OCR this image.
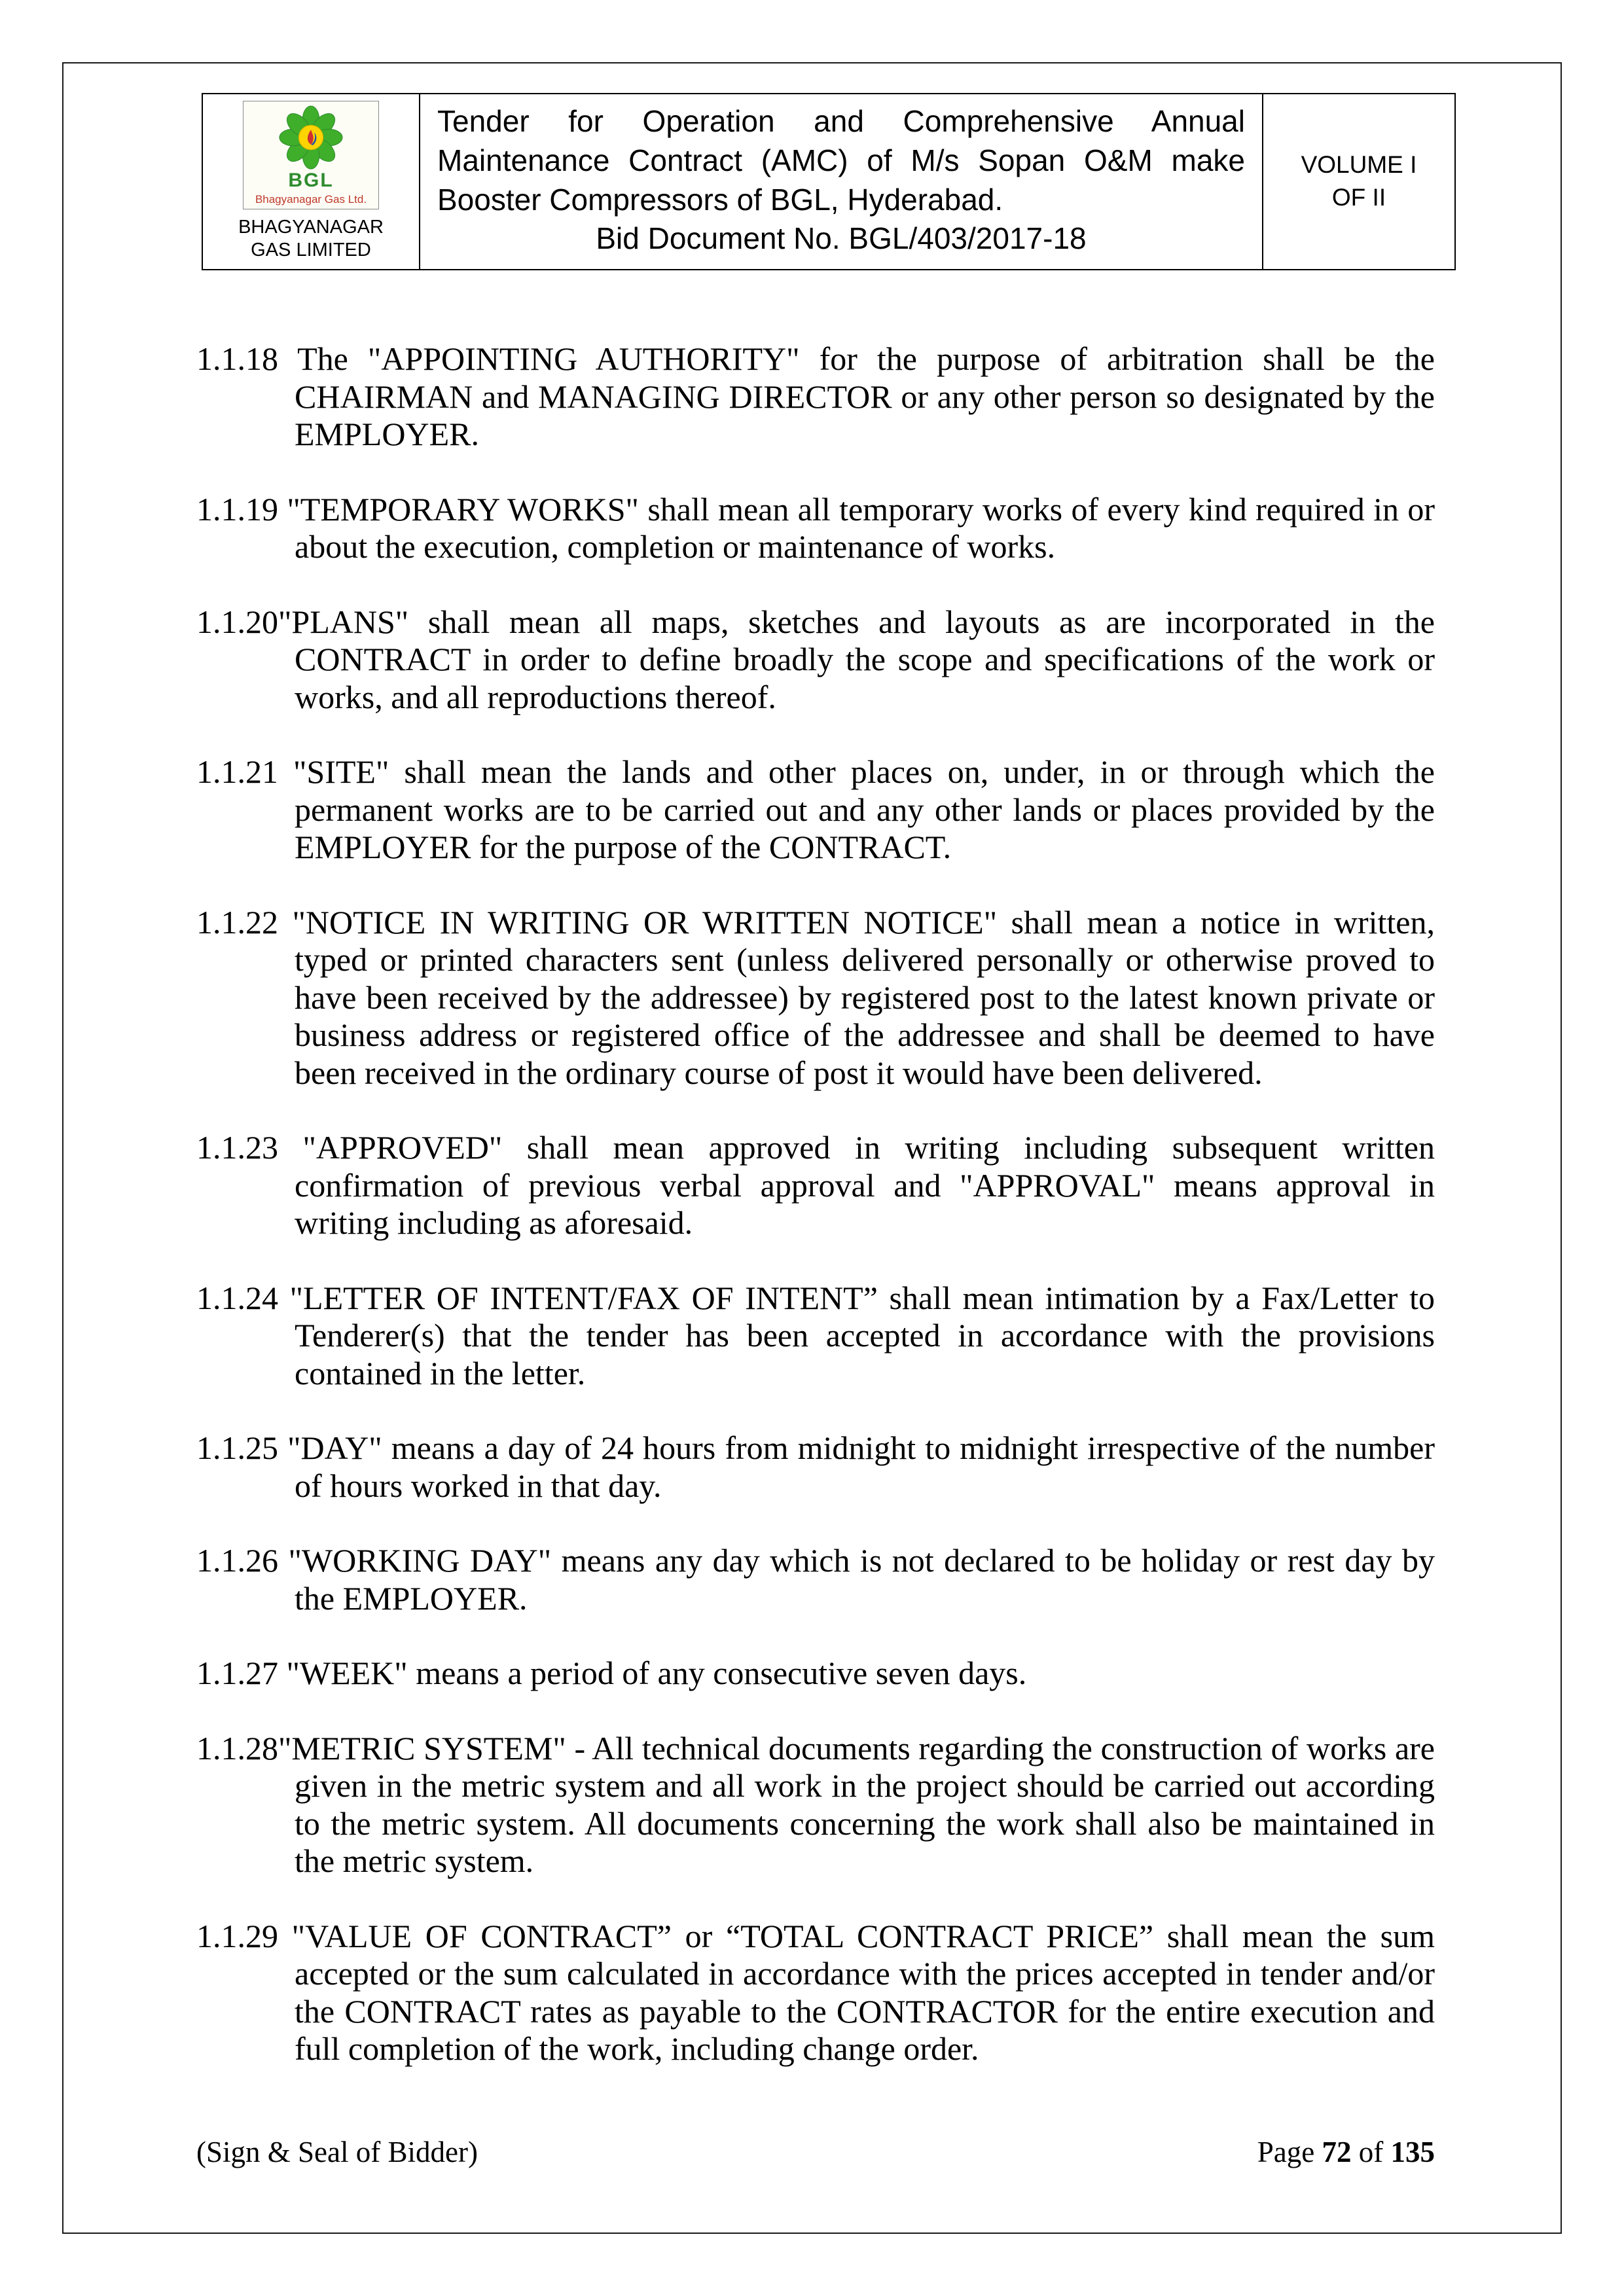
BGL
Bhagyanagar Gas Ltd.
BHAGYANAGAR GAS LIMITED
Tender for Operation and Comprehensive Annual Maintenance Contract (AMC) of M/s Sopan O&M make Booster Compressors of BGL, Hyderabad.
Bid Document No. BGL/403/2017-18
VOLUME I
OF II

1.1.18 The "APPOINTING AUTHORITY" for the purpose of arbitration shall be the CHAIRMAN and MANAGING DIRECTOR or any other person so designated by the EMPLOYER.

1.1.19 "TEMPORARY WORKS" shall mean all temporary works of every kind required in or about the execution, completion or maintenance of works.

1.1.20"PLANS" shall mean all maps, sketches and layouts as are incorporated in the CONTRACT in order to define broadly the scope and specifications of the work or works, and all reproductions thereof.

1.1.21 "SITE" shall mean the lands and other places on, under, in or through which the permanent works are to be carried out and any other lands or places provided by the EMPLOYER for the purpose of the CONTRACT.

1.1.22 "NOTICE IN WRITING OR WRITTEN NOTICE" shall mean a notice in written, typed or printed characters sent (unless delivered personally or otherwise proved to have been received by the addressee) by registered post to the latest known private or business address or registered office of the addressee and shall be deemed to have been received in the ordinary course of post it would have been delivered.

1.1.23 "APPROVED" shall mean approved in writing including subsequent written confirmation of previous verbal approval and "APPROVAL" means approval in writing including as aforesaid.

1.1.24 "LETTER OF INTENT/FAX OF INTENT” shall mean intimation by a Fax/Letter to Tenderer(s) that the tender has been accepted in accordance with the provisions contained in the letter.

1.1.25 "DAY" means a day of 24 hours from midnight to midnight irrespective of the number of hours worked in that day.

1.1.26 "WORKING DAY" means any day which is not declared to be holiday or rest day by the EMPLOYER.

1.1.27 "WEEK" means a period of any consecutive seven days.

1.1.28"METRIC SYSTEM" - All technical documents regarding the construction of works are given in the metric system and all work in the project should be carried out according to the metric system. All documents concerning the work shall also be maintained in the metric system.

1.1.29 "VALUE OF CONTRACT” or “TOTAL CONTRACT PRICE” shall mean the sum accepted or the sum calculated in accordance with the prices accepted in tender and/or the CONTRACT rates as payable to the CONTRACTOR for the entire execution and full completion of the work, including change order.

(Sign & Seal of Bidder)	Page 72 of 135
